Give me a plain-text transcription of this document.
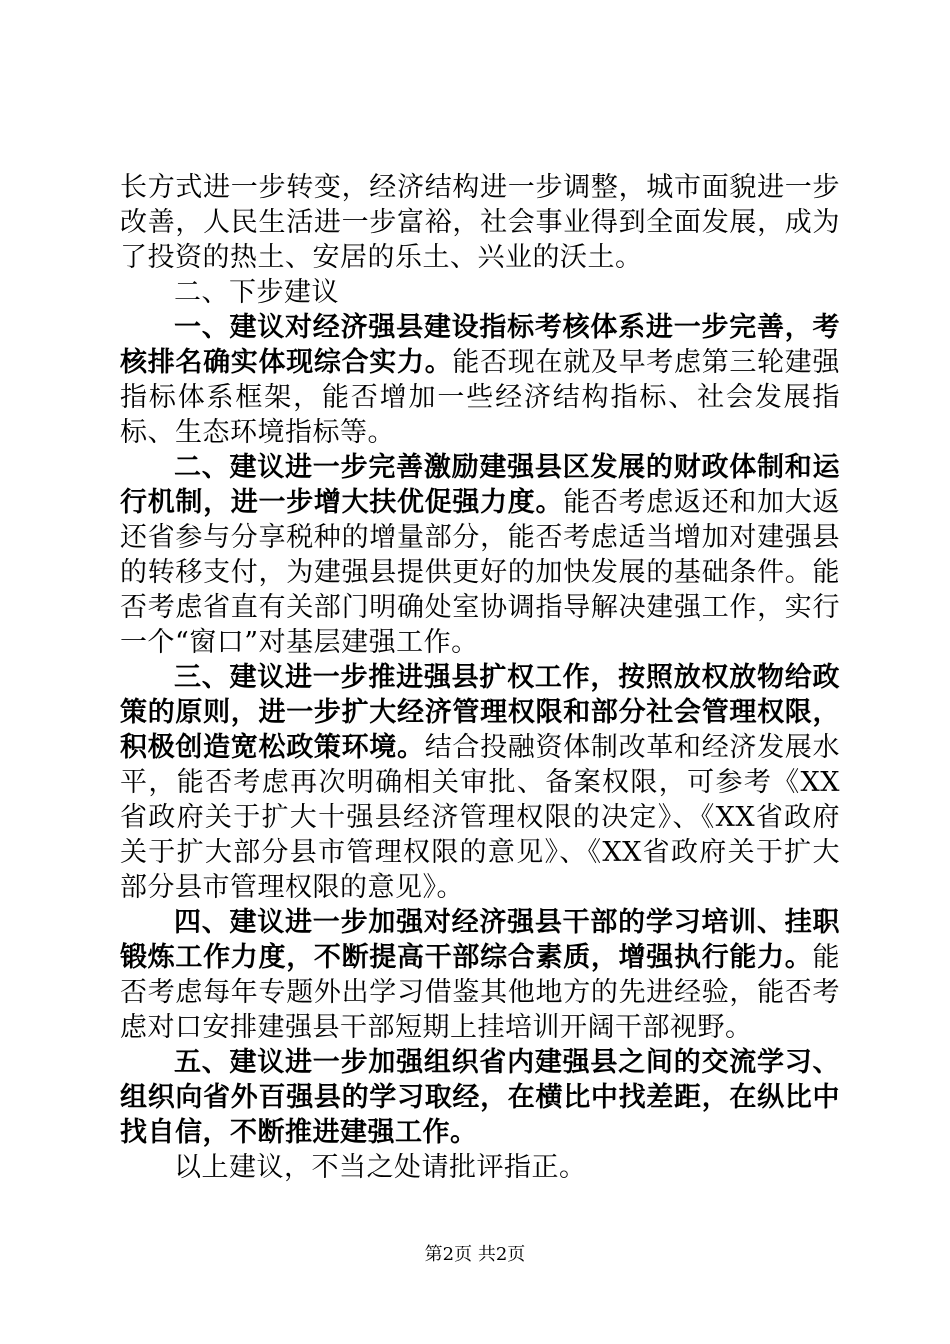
长方式进一步转变，经济结构进一步调整，城市面貌进一步改善，人民生活进一步富裕，社会事业得到全面发展，成为了投资的热土、安居的乐土、兴业的沃土。

二、下步建议

一、建议对经济强县建设指标考核体系进一步完善，考核排名确实体现综合实力。能否现在就及早考虑第三轮建强指标体系框架，能否增加一些经济结构指标、社会发展指标、生态环境指标等。

二、建议进一步完善激励建强县区发展的财政体制和运行机制，进一步增大扶优促强力度。能否考虑返还和加大返还省参与分享税种的增量部分，能否考虑适当增加对建强县的转移支付，为建强县提供更好的加快发展的基础条件。能否考虑省直有关部门明确处室协调指导解决建强工作，实行一个“窗口”对基层建强工作。

三、建议进一步推进强县扩权工作，按照放权放物给政策的原则，进一步扩大经济管理权限和部分社会管理权限，积极创造宽松政策环境。结合投融资体制改革和经济发展水平，能否考虑再次明确相关审批、备案权限，可参考《XX省政府关于扩大十强县经济管理权限的决定》、《XX省政府关于扩大部分县市管理权限的意见》、《XX省政府关于扩大部分县市管理权限的意见》。

四、建议进一步加强对经济强县干部的学习培训、挂职锻炼工作力度，不断提高干部综合素质，增强执行能力。能否考虑每年专题外出学习借鉴其他地方的先进经验，能否考虑对口安排建强县干部短期上挂培训开阔干部视野。

五、建议进一步加强组织省内建强县之间的交流学习、组织向省外百强县的学习取经，在横比中找差距，在纵比中找自信，不断推进建强工作。

以上建议，不当之处请批评指正。

第2页 共2页
